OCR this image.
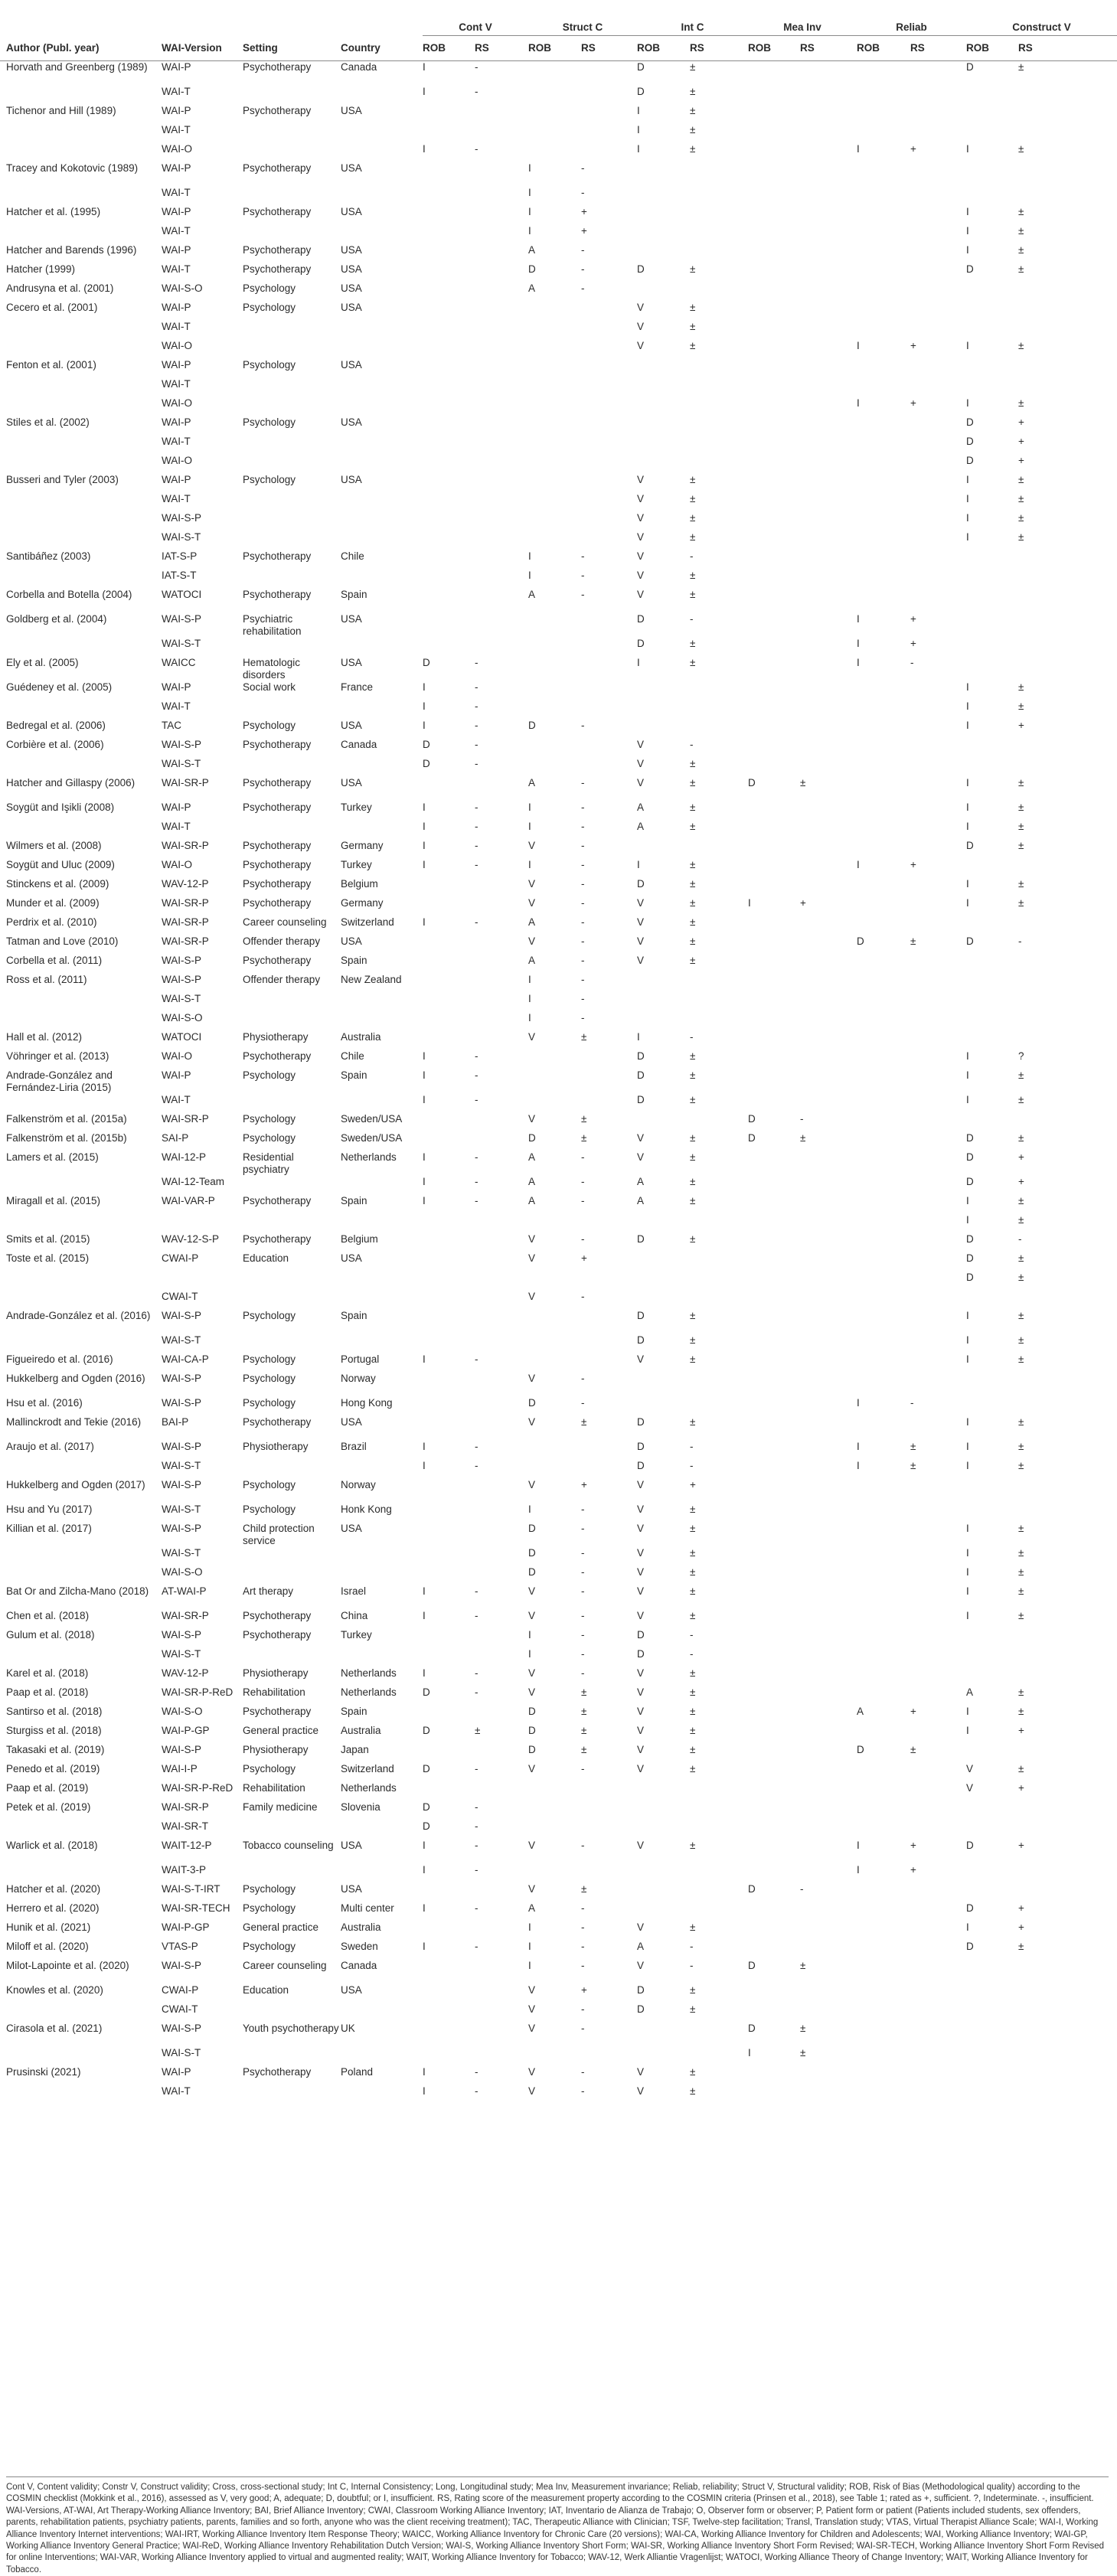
				Cont V		Struct C		Int C		Mea Inv		Reliab		Construct V	
Author (Publ. year)	WAI-Version	Setting	Country	ROB	RS	ROB	RS	ROB	RS	ROB	RS	ROB	RS	ROB	RS
Horvath and Greenberg (1989)	WAI-P	Psychotherapy	Canada	I	-			D	±					D	±
	WAI-T			I	-			D	±						
Tichenor and Hill (1989)	WAI-P	Psychotherapy	USA					I	±						
	WAI-T							I	±						
	WAI-O			I	-			I	±			I	+	I	±
Tracey and Kokotovic (1989)	WAI-P	Psychotherapy	USA			I	-								
	WAI-T					I	-								
Hatcher et al. (1995)	WAI-P	Psychotherapy	USA			I	+							I	±
	WAI-T					I	+							I	±
Hatcher and Barends (1996)	WAI-P	Psychotherapy	USA			A	-							I	±
Hatcher (1999)	WAI-T	Psychotherapy	USA			D	-	D	±					D	±
Andrusyna et al. (2001)	WAI-S-O	Psychology	USA			A	-								
Cecero et al. (2001)	WAI-P	Psychology	USA					V	±						
	WAI-T							V	±						
	WAI-O							V	±			I	+	I	±
Fenton et al. (2001)	WAI-P	Psychology	USA												
	WAI-T														
	WAI-O											I	+	I	±
Stiles et al. (2002)	WAI-P	Psychology	USA											D	+
	WAI-T													D	+
	WAI-O													D	+
Busseri and Tyler (2003)	WAI-P	Psychology	USA					V	±					I	±
	WAI-T							V	±					I	±
	WAI-S-P							V	±					I	±
	WAI-S-T							V	±					I	±
Santibáñez (2003)	IAT-S-P	Psychotherapy	Chile			I	-	V	-						
	IAT-S-T					I	-	V	±						
Corbella and Botella (2004)	WATOCI	Psychotherapy	Spain			A	-	V	±						
Goldberg et al. (2004)	WAI-S-P	Psychiatric rehabilitation	USA					D	-			I	+		
	WAI-S-T							D	±			I	+		
Ely et al. (2005)	WAICC	Hematologic disorders	USA	D	-			I	±			I	-		
Guédeney et al. (2005)	WAI-P	Social work	France	I	-									I	±
	WAI-T			I	-									I	±
Bedregal et al. (2006)	TAC	Psychology	USA	I	-	D	-							I	+
Corbière et al. (2006)	WAI-S-P	Psychotherapy	Canada	D	-			V	-						
	WAI-S-T			D	-			V	±						
Hatcher and Gillaspy (2006)	WAI-SR-P	Psychotherapy	USA			A	-	V	±	D	±			I	±
Soygüt and Işikli (2008)	WAI-P	Psychotherapy	Turkey	I	-	I	-	A	±					I	±
	WAI-T			I	-	I	-	A	±					I	±
Wilmers et al. (2008)	WAI-SR-P	Psychotherapy	Germany	I	-	V	-							D	±
Soygüt and Uluc (2009)	WAI-O	Psychotherapy	Turkey	I	-	I	-	I	±			I	+		
Stinckens et al. (2009)	WAV-12-P	Psychotherapy	Belgium			V	-	D	±					I	±
Munder et al. (2009)	WAI-SR-P	Psychotherapy	Germany			V	-	V	±	I	+			I	±
Perdrix et al. (2010)	WAI-SR-P	Career counseling	Switzerland	I	-	A	-	V	±						
Tatman and Love (2010)	WAI-SR-P	Offender therapy	USA			V	-	V	±			D	±	D	-
Corbella et al. (2011)	WAI-S-P	Psychotherapy	Spain			A	-	V	±						
Ross et al. (2011)	WAI-S-P	Offender therapy	New Zealand			I	-								
	WAI-S-T					I	-								
	WAI-S-O					I	-								
Hall et al. (2012)	WATOCI	Physiotherapy	Australia			V	±	I	-						
Vöhringer et al. (2013)	WAI-O	Psychotherapy	Chile	I	-			D	±					I	?
Andrade-González and Fernández-Liria (2015)	WAI-P	Psychology	Spain	I	-			D	±					I	±
	WAI-T			I	-			D	±					I	±
Falkenström et al. (2015a)	WAI-SR-P	Psychology	Sweden/USA			V	±			D	-				
Falkenström et al. (2015b)	SAI-P	Psychology	Sweden/USA			D	±	V	±	D	±			D	±
Lamers et al. (2015)	WAI-12-P	Residential psychiatry	Netherlands	I	-	A	-	V	±					D	+
	WAI-12-Team			I	-	A	-	A	±					D	+
Miragall et al. (2015)	WAI-VAR-P	Psychotherapy	Spain	I	-	A	-	A	±					I	±
														I	±
Smits et al. (2015)	WAV-12-S-P	Psychotherapy	Belgium			V	-	D	±					D	-
Toste et al. (2015)	CWAI-P	Education	USA			V	+							D	±
														D	±
	CWAI-T					V	-								
Andrade-González et al. (2016)	WAI-S-P	Psychology	Spain					D	±					I	±
	WAI-S-T							D	±					I	±
Figueiredo et al. (2016)	WAI-CA-P	Psychology	Portugal	I	-			V	±					I	±
Hukkelberg and Ogden (2016)	WAI-S-P	Psychology	Norway			V	-								
Hsu et al. (2016)	WAI-S-P	Psychology	Hong Kong			D	-					I	-		
Mallinckrodt and Tekie (2016)	BAI-P	Psychotherapy	USA			V	±	D	±					I	±
Araujo et al. (2017)	WAI-S-P	Physiotherapy	Brazil	I	-			D	-			I	±	I	±
	WAI-S-T			I	-			D	-			I	±	I	±
Hukkelberg and Ogden (2017)	WAI-S-P	Psychology	Norway			V	+	V	+						
Hsu and Yu (2017)	WAI-S-T	Psychology	Honk Kong			I	-	V	±						
Killian et al. (2017)	WAI-S-P	Child protection service	USA			D	-	V	±					I	±
	WAI-S-T					D	-	V	±					I	±
	WAI-S-O					D	-	V	±					I	±
Bat Or and Zilcha-Mano (2018)	AT-WAI-P	Art therapy	Israel	I	-	V	-	V	±					I	±
Chen et al. (2018)	WAI-SR-P	Psychotherapy	China	I	-	V	-	V	±					I	±
Gulum et al. (2018)	WAI-S-P	Psychotherapy	Turkey			I	-	D	-						
	WAI-S-T					I	-	D	-						
Karel et al. (2018)	WAV-12-P	Physiotherapy	Netherlands	I	-	V	-	V	±						
Paap et al. (2018)	WAI-SR-P-ReD	Rehabilitation	Netherlands	D	-	V	±	V	±					A	±
Santirso et al. (2018)	WAI-S-O	Psychotherapy	Spain			D	±	V	±			A	+	I	±
Sturgiss et al. (2018)	WAI-P-GP	General practice	Australia	D	±	D	±	V	±					I	+
Takasaki et al. (2019)	WAI-S-P	Physiotherapy	Japan			D	±	V	±			D	±		
Penedo et al. (2019)	WAI-I-P	Psychology	Switzerland	D	-	V	-	V	±					V	±
Paap et al. (2019)	WAI-SR-P-ReD	Rehabilitation	Netherlands											V	+
Petek et al. (2019)	WAI-SR-P	Family medicine	Slovenia	D	-										
	WAI-SR-T			D	-										
Warlick et al. (2018)	WAIT-12-P	Tobacco counseling	USA	I	-	V	-	V	±			I	+	D	+
	WAIT-3-P			I	-							I	+		
Hatcher et al. (2020)	WAI-S-T-IRT	Psychology	USA			V	±			D	-				
Herrero et al. (2020)	WAI-SR-TECH	Psychology	Multi center	I	-	A	-							D	+
Hunik et al. (2021)	WAI-P-GP	General practice	Australia			I	-	V	±					I	+
Miloff et al. (2020)	VTAS-P	Psychology	Sweden	I	-	I	-	A	-					D	±
Milot-Lapointe et al. (2020)	WAI-S-P	Career counseling	Canada			I	-	V	-	D	±				
Knowles et al. (2020)	CWAI-P	Education	USA			V	+	D	±						
	CWAI-T					V	-	D	±						
Cirasola et al. (2021)	WAI-S-P	Youth psychotherapy	UK			V	-			D	±				
	WAI-S-T									I	±				
Prusinski (2021)	WAI-P	Psychotherapy	Poland	I	-	V	-	V	±						
	WAI-T			I	-	V	-	V	±						
Cont V, Content validity; Constr V, Construct validity; Cross, cross-sectional study; Int C, Internal Consistency; Long, Longitudinal study; Mea Inv, Measurement invariance; Reliab, reliability; Struct V, Structural validity; ROB, Risk of Bias (Methodological quality) according to the COSMIN checklist (Mokkink et al., 2016), assessed as V, very good; A, adequate; D, doubtful; or I, insufficient. RS, Rating score of the measurement property according to the COSMIN criteria (Prinsen et al., 2018), see Table 1; rated as +, sufficient. ?, Indeterminate. -, insufficient. WAI-Versions, AT-WAI, Art Therapy-Working Alliance Inventory; BAI, Brief Alliance Inventory; CWAI, Classroom Working Alliance Inventory; IAT, Inventario de Alianza de Trabajo; O, Observer form or observer; P, Patient form or patient (Patients included students, sex offenders, parents, rehabilitation patients, psychiatry patients, parents, families and so forth, anyone who was the client receiving treatment); TAC, Therapeutic Alliance with Clinician; TSF, Twelve-step facilitation; Transl, Translation study; VTAS, Virtual Therapist Alliance Scale; WAI-I, Working Alliance Inventory Internet interventions; WAI-IRT, Working Alliance Inventory Item Response Theory; WAICC, Working Alliance Inventory for Chronic Care (20 versions); WAI-CA, Working Alliance Inventory for Children and Adolescents; WAI, Working Alliance Inventory; WAI-GP, Working Alliance Inventory General Practice; WAI-ReD, Working Alliance Inventory Rehabilitation Dutch Version; WAI-S, Working Alliance Inventory Short Form; WAI-SR, Working Alliance Inventory Short Form Revised; WAI-SR-TECH, Working Alliance Inventory Short Form Revised for online Interventions; WAI-VAR, Working Alliance Inventory applied to virtual and augmented reality; WAIT, Working Alliance Inventory for Tobacco; WAV-12, Werk Alliantie Vragenlijst; WATOCI, Working Alliance Theory of Change Inventory; WAIT, Working Alliance Inventory for Tobacco.
